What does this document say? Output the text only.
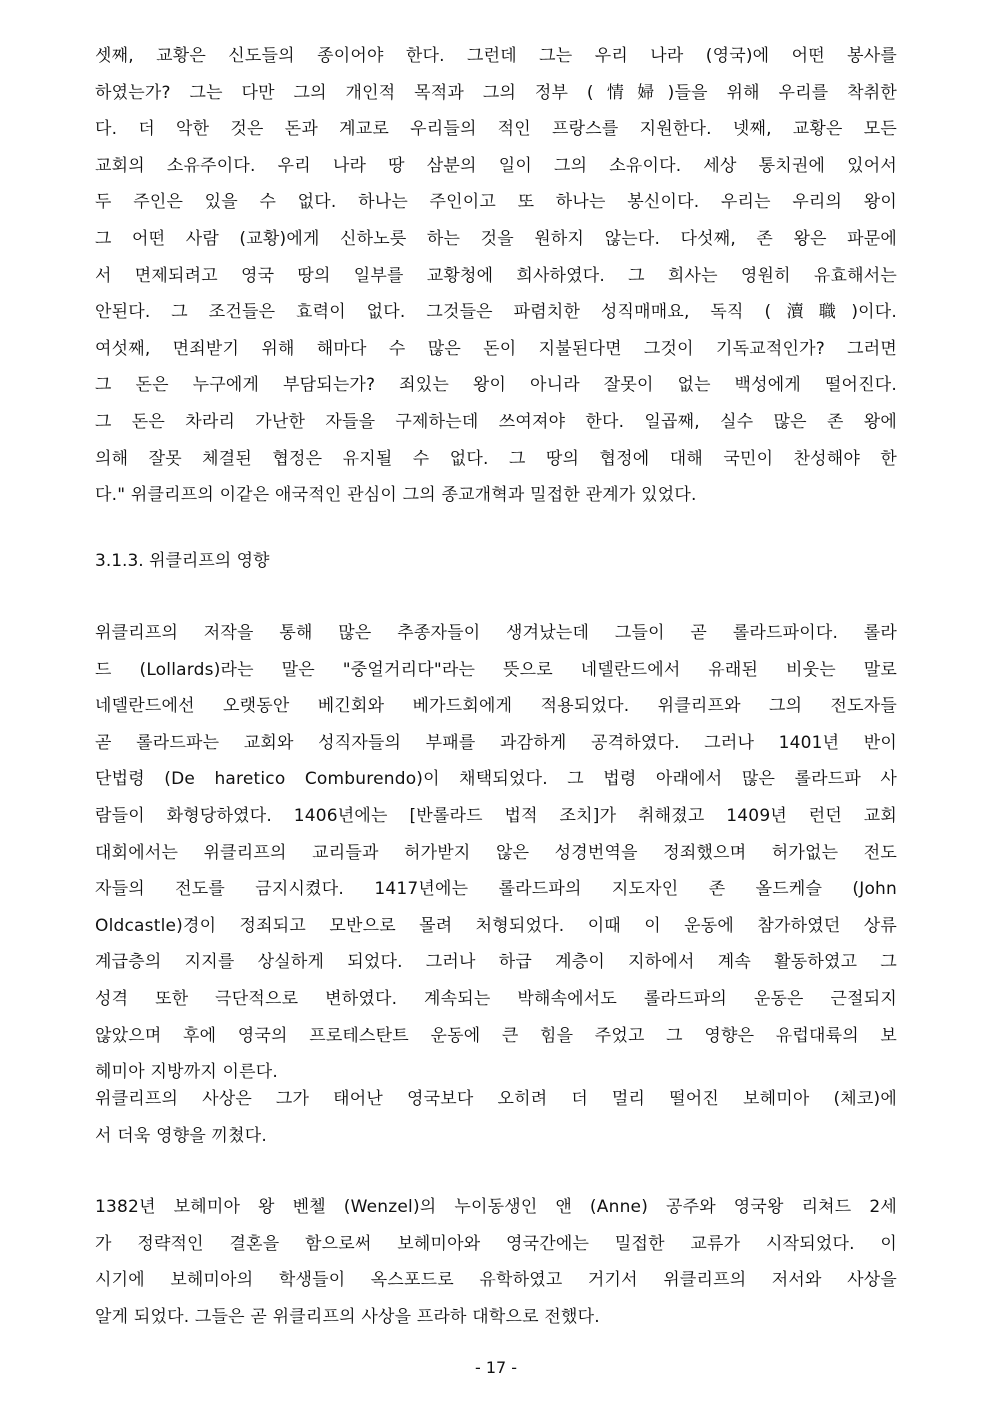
셋째, 교황은 신도들의 종이어야 한다. 그런데 그는 우리 나라 (영국)에 어떤 봉사를
하였는가? 그는 다만 그의 개인적 목적과 그의 정부 (情婦)들을 위해 우리를 착취한
다. 더 악한 것은 돈과 계교로 우리들의 적인 프랑스를 지원한다. 넷째, 교황은 모든
교회의 소유주이다. 우리 나라 땅 삼분의 일이 그의 소유이다. 세상 통치권에 있어서
두 주인은 있을 수 없다. 하나는 주인이고 또 하나는 봉신이다. 우리는 우리의 왕이
그 어떤 사람 (교황)에게 신하노릇 하는 것을 원하지 않는다. 다섯째, 존 왕은 파문에
서 면제되려고 영국 땅의 일부를 교황청에 희사하였다. 그 희사는 영원히 유효해서는
안된다. 그 조건들은 효력이 없다. 그것들은 파렴치한 성직매매요, 독직 (瀆職)이다.
여섯째, 면죄받기 위해 해마다 수 많은 돈이 지불된다면 그것이 기독교적인가? 그러면
그 돈은 누구에게 부담되는가? 죄있는 왕이 아니라 잘못이 없는 백성에게 떨어진다.
그 돈은 차라리 가난한 자들을 구제하는데 쓰여져야 한다. 일곱째, 실수 많은 존 왕에
의해 잘못 체결된 협정은 유지될 수 없다. 그 땅의 협정에 대해 국민이 찬성해야 한
다." 위클리프의 이같은 애국적인 관심이 그의 종교개혁과 밀접한 관계가 있었다.
3.1.3. 위클리프의 영향
위클리프의 저작을 통해 많은 추종자들이 생겨났는데 그들이 곧 롤라드파이다. 롤라
드 (Lollards)라는 말은 "중얼거리다"라는 뜻으로 네델란드에서 유래된 비웃는 말로
네델란드에선 오랫동안 베긴회와 베가드회에게 적용되었다. 위클리프와 그의 전도자들
곧 롤라드파는 교회와 성직자들의 부패를 과감하게 공격하였다. 그러나 1401년 반이
단법령 (De haretico Comburendo)이 채택되었다. 그 법령 아래에서 많은 롤라드파 사
람들이 화형당하였다. 1406년에는 [반롤라드 법적 조치]가 취해졌고 1409년 런던 교회
대회에서는 위클리프의 교리들과 허가받지 않은 성경번역을 정죄했으며 허가없는 전도
자들의 전도를 금지시켰다. 1417년에는 롤라드파의 지도자인 존 올드케슬 (John
Oldcastle)경이 정죄되고 모반으로 몰려 처형되었다. 이때 이 운동에 참가하였던 상류
계급층의 지지를 상실하게 되었다. 그러나 하급 계층이 지하에서 계속 활동하였고 그
성격 또한 극단적으로 변하였다. 계속되는 박해속에서도 롤라드파의 운동은 근절되지
않았으며 후에 영국의 프로테스탄트 운동에 큰 힘을 주었고 그 영향은 유럽대륙의 보
헤미아 지방까지 이른다.
위클리프의 사상은 그가 태어난 영국보다 오히려 더 멀리 떨어진 보헤미아 (체코)에
서 더욱 영향을 끼쳤다.
1382년 보헤미아 왕 벤첼 (Wenzel)의 누이동생인 앤 (Anne) 공주와 영국왕 리쳐드 2세
가 정략적인 결혼을 함으로써 보헤미아와 영국간에는 밀접한 교류가 시작되었다. 이
시기에 보헤미아의 학생들이 옥스포드로 유학하였고 거기서 위클리프의 저서와 사상을
알게 되었다. 그들은 곧 위클리프의 사상을 프라하 대학으로 전했다.
- 17 -
